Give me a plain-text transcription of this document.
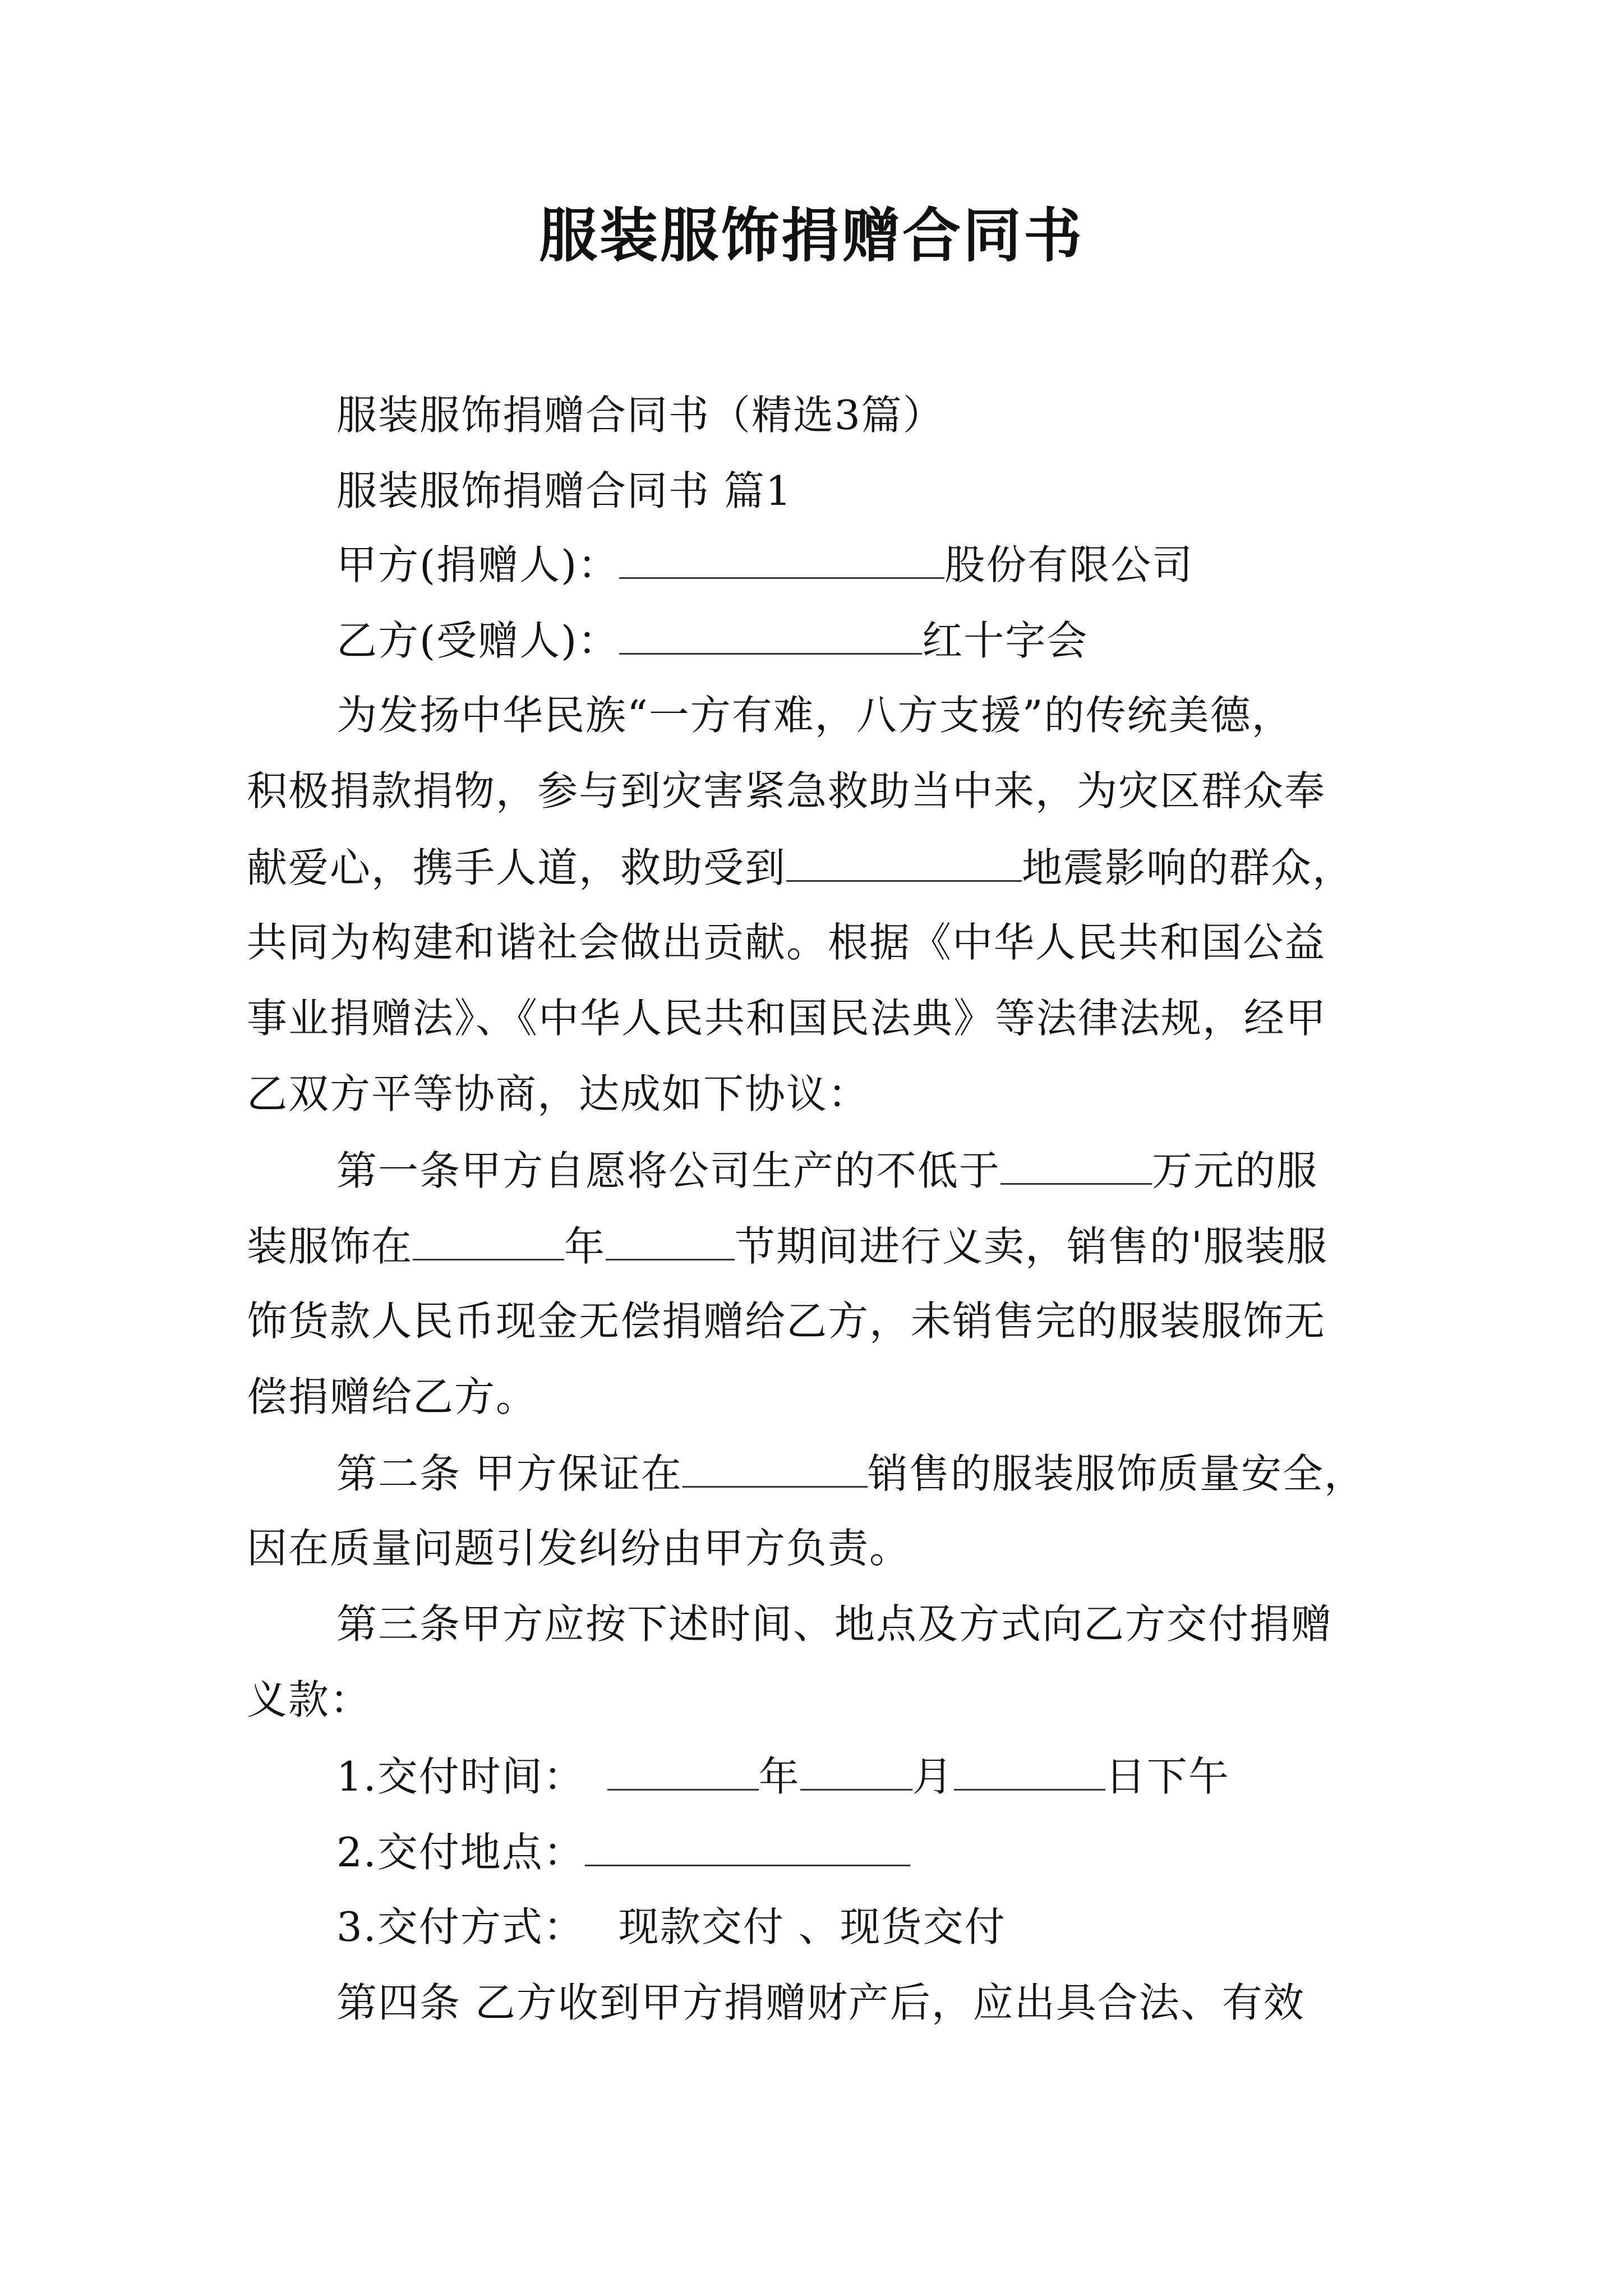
服装服饰捐赠合同书
服装服饰捐赠合同书（精选3篇）
服装服饰捐赠合同书 篇1
甲方(捐赠人)：	股份有限公司
乙方(受赠人)：	红十字会
为发扬中华民族“一方有难，八方支援”的传统美德，
积极捐款捐物，参与到灾害紧急救助当中来，为灾区群众奉
献爱心，携手人道，救助受到	地震影响的群众，
共同为构建和谐社会做出贡献。根据《中华人民共和国公益
事业捐赠法》、《中华人民共和国民法典》等法律法规，经甲
乙双方平等协商，达成如下协议：
第一条甲方自愿将公司生产的不低于	万元的服
装服饰在	年	节期间进行义卖，销售的'服装服
饰货款人民币现金无偿捐赠给乙方，未销售完的服装服饰无
偿捐赠给乙方。
第二条 甲方保证在	销售的服装服饰质量安全，
因在质量问题引发纠纷由甲方负责。
第三条甲方应按下述时间、地点及方式向乙方交付捐赠
义款：
1.交付时间：	年	月	日下午
2.交付地点：
3.交付方式： 现款交付 、现货交付
第四条 乙方收到甲方捐赠财产后，应出具合法、有效
